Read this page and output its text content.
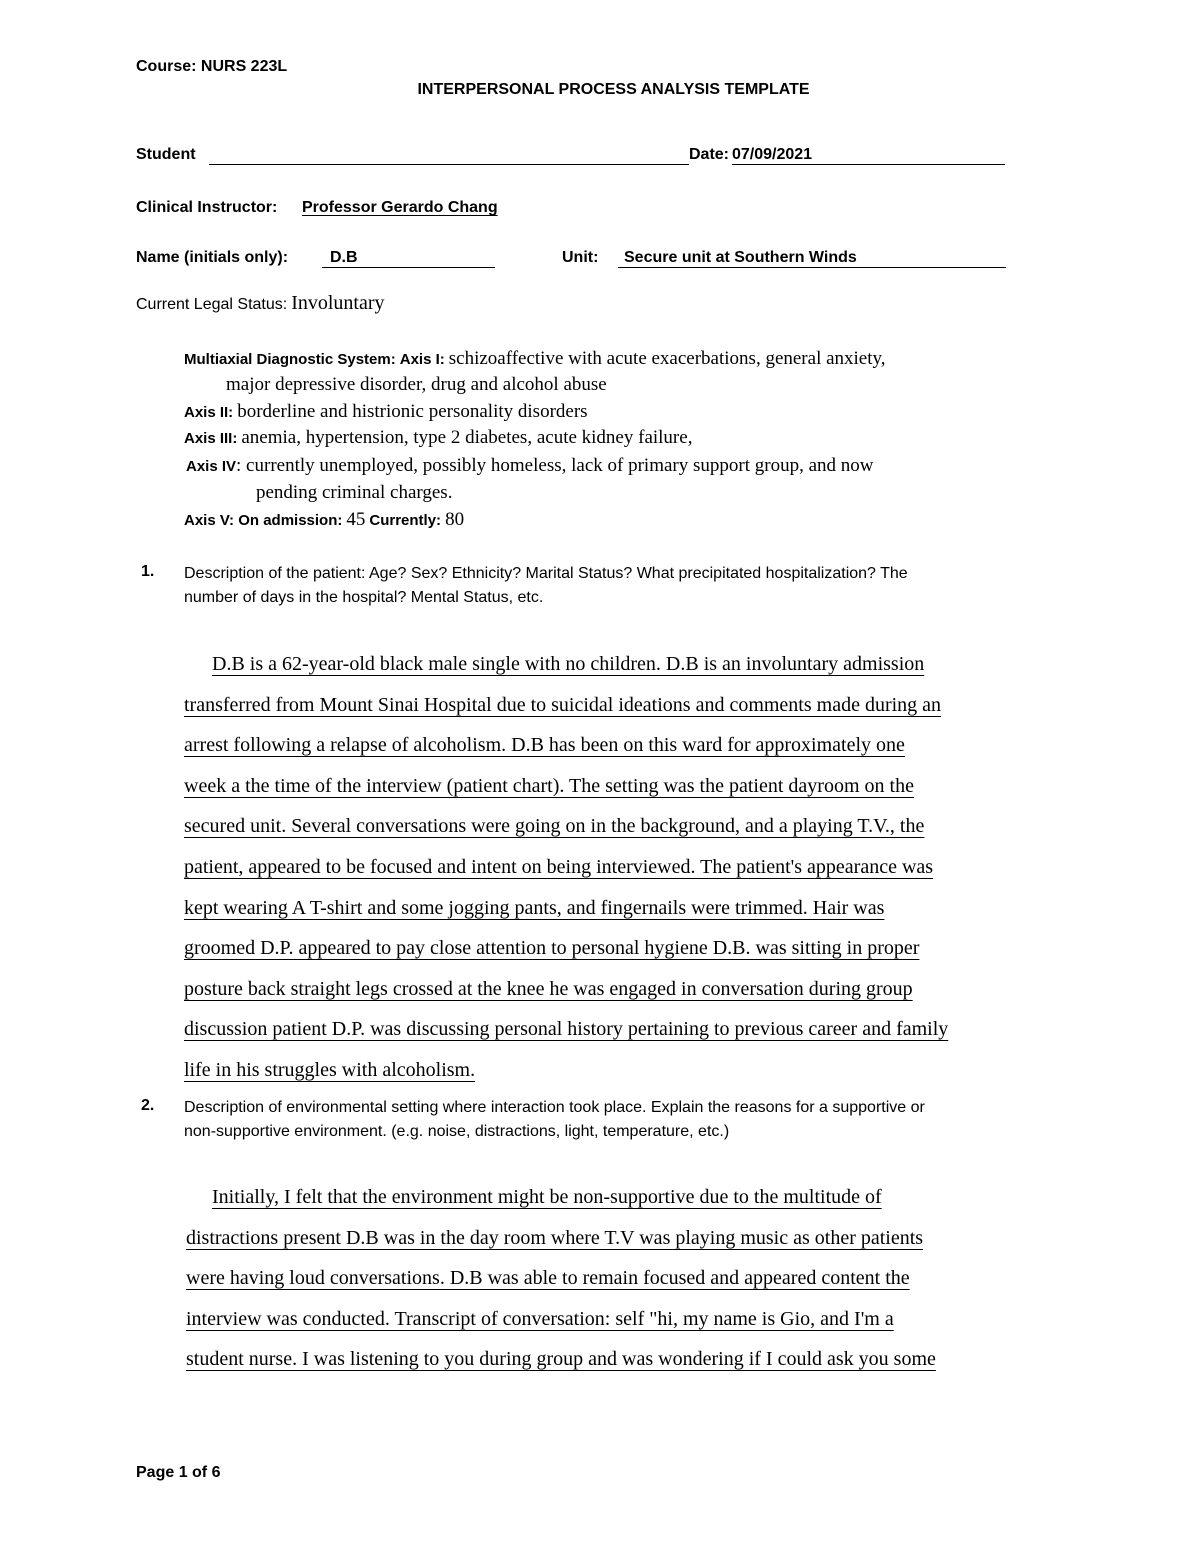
Course: NURS 223L
INTERPERSONAL PROCESS ANALYSIS TEMPLATE
Student	Date: 07/09/2021
Clinical Instructor: Professor Gerardo Chang
Name (initials only):	D.B	Unit: Secure unit at Southern Winds
Current Legal Status: Involuntary
Multiaxial Diagnostic System: Axis I: schizoaffective with acute exacerbations, general anxiety,
major depressive disorder, drug and alcohol abuse
Axis II: borderline and histrionic personality disorders
Axis III: anemia, hypertension, type 2 diabetes, acute kidney failure,
Axis IV: currently unemployed, possibly homeless, lack of primary support group, and now
pending criminal charges.
Axis V: On admission: 45 Currently: 80
1. Description of the patient: Age? Sex? Ethnicity? Marital Status? What precipitated hospitalization? The
number of days in the hospital? Mental Status, etc.
D.B is a 62-year-old black male single with no children. D.B is an involuntary admission
transferred from Mount Sinai Hospital due to suicidal ideations and comments made during an
arrest following a relapse of alcoholism. D.B has been on this ward for approximately one
week a the time of the interview (patient chart). The setting was the patient dayroom on the
secured unit. Several conversations were going on in the background, and a playing T.V., the
patient, appeared to be focused and intent on being interviewed. The patient's appearance was
kept wearing A T-shirt and some jogging pants, and fingernails were trimmed. Hair was
groomed D.P. appeared to pay close attention to personal hygiene D.B. was sitting in proper
posture back straight legs crossed at the knee he was engaged in conversation during group
discussion patient D.P. was discussing personal history pertaining to previous career and family
life in his struggles with alcoholism.
2. Description of environmental setting where interaction took place. Explain the reasons for a supportive or
non-supportive environment. (e.g. noise, distractions, light, temperature, etc.)
Initially, I felt that the environment might be non-supportive due to the multitude of
distractions present D.B was in the day room where T.V was playing music as other patients
were having loud conversations. D.B was able to remain focused and appeared content the
interview was conducted. Transcript of conversation: self "hi, my name is Gio, and I'm a
student nurse. I was listening to you during group and was wondering if I could ask you some
Page 1 of 6
